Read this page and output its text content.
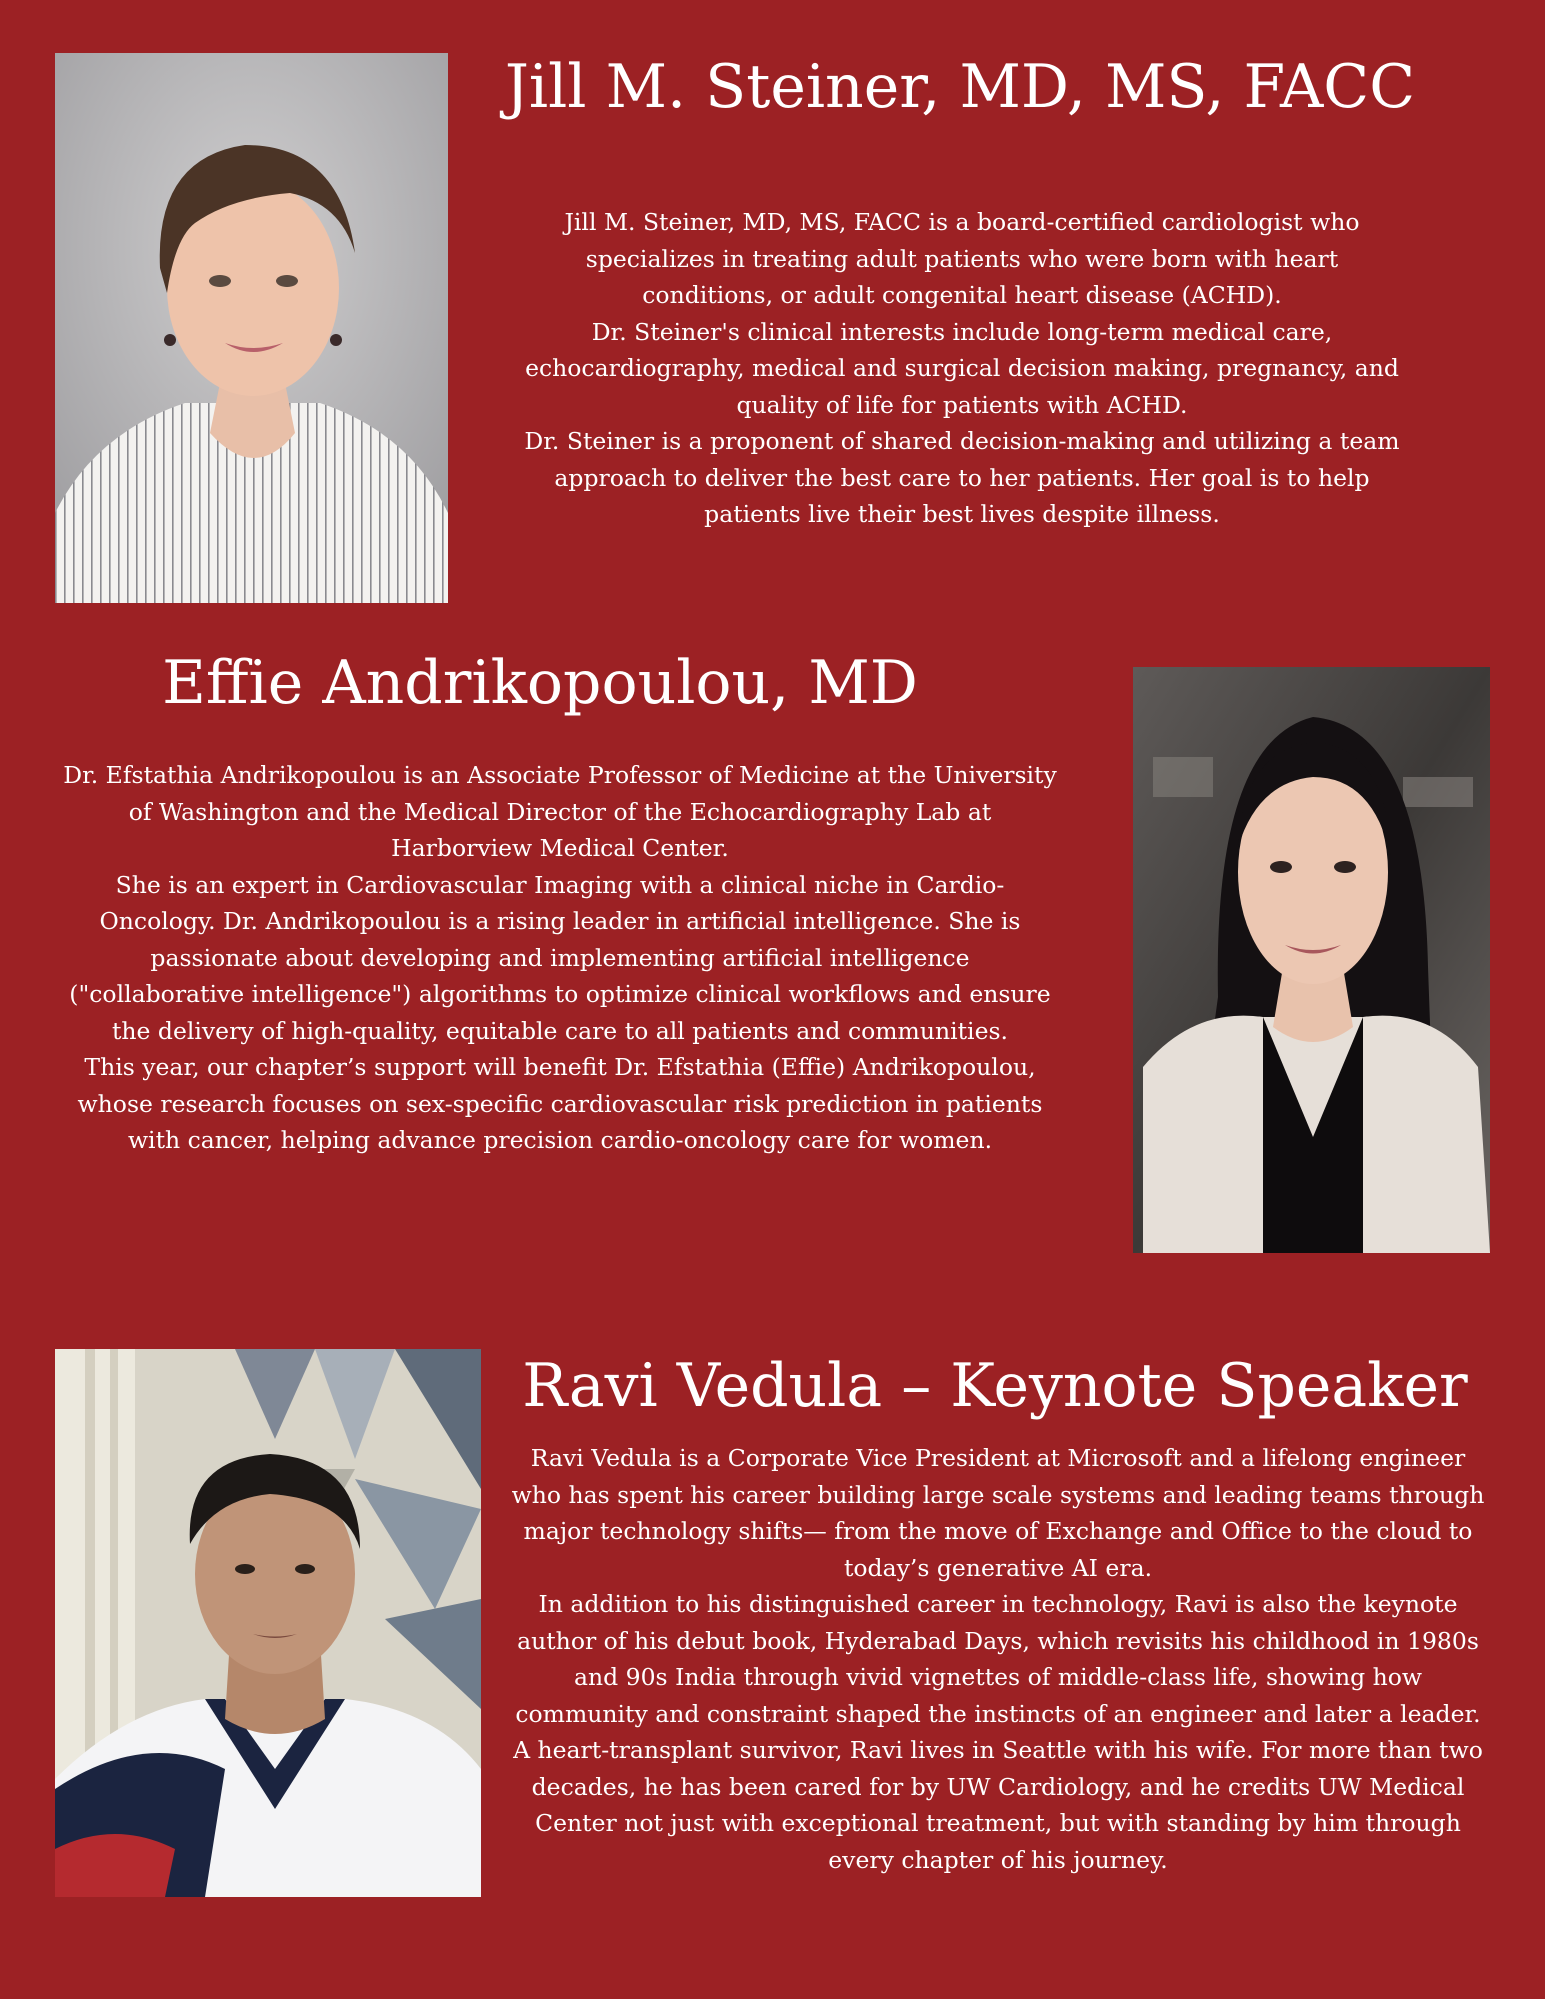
Jill M. Steiner, MD, MS, FACC

Jill M. Steiner, MD, MS, FACC is a board-certified cardiologist who specializes in treating adult patients who were born with heart conditions, or adult congenital heart disease (ACHD).

Dr. Steiner's clinical interests include long-term medical care, echocardiography, medical and surgical decision making, pregnancy, and quality of life for patients with ACHD.

Dr. Steiner is a proponent of shared decision-making and utilizing a team approach to deliver the best care to her patients. Her goal is to help patients live their best lives despite illness.

Effie Andrikopoulou, MD

Dr. Efstathia Andrikopoulou is an Associate Professor of Medicine at the University of Washington and the Medical Director of the Echocardiography Lab at Harborview Medical Center.

She is an expert in Cardiovascular Imaging with a clinical niche in Cardio-Oncology. Dr. Andrikopoulou is a rising leader in artificial intelligence. She is passionate about developing and implementing artificial intelligence ("collaborative intelligence") algorithms to optimize clinical workflows and ensure the delivery of high-quality, equitable care to all patients and communities.

This year, our chapter’s support will benefit Dr. Efstathia (Effie) Andrikopoulou, whose research focuses on sex-specific cardiovascular risk prediction in patients with cancer, helping advance precision cardio-oncology care for women.

Ravi Vedula – Keynote Speaker

Ravi Vedula is a Corporate Vice President at Microsoft and a lifelong engineer who has spent his career building large scale systems and leading teams through major technology shifts— from the move of Exchange and Office to the cloud to today’s generative AI era.

In addition to his distinguished career in technology, Ravi is also the keynote author of his debut book, Hyderabad Days, which revisits his childhood in 1980s and 90s India through vivid vignettes of middle-class life, showing how community and constraint shaped the instincts of an engineer and later a leader.

A heart-transplant survivor, Ravi lives in Seattle with his wife. For more than two decades, he has been cared for by UW Cardiology, and he credits UW Medical Center not just with exceptional treatment, but with standing by him through every chapter of his journey.
